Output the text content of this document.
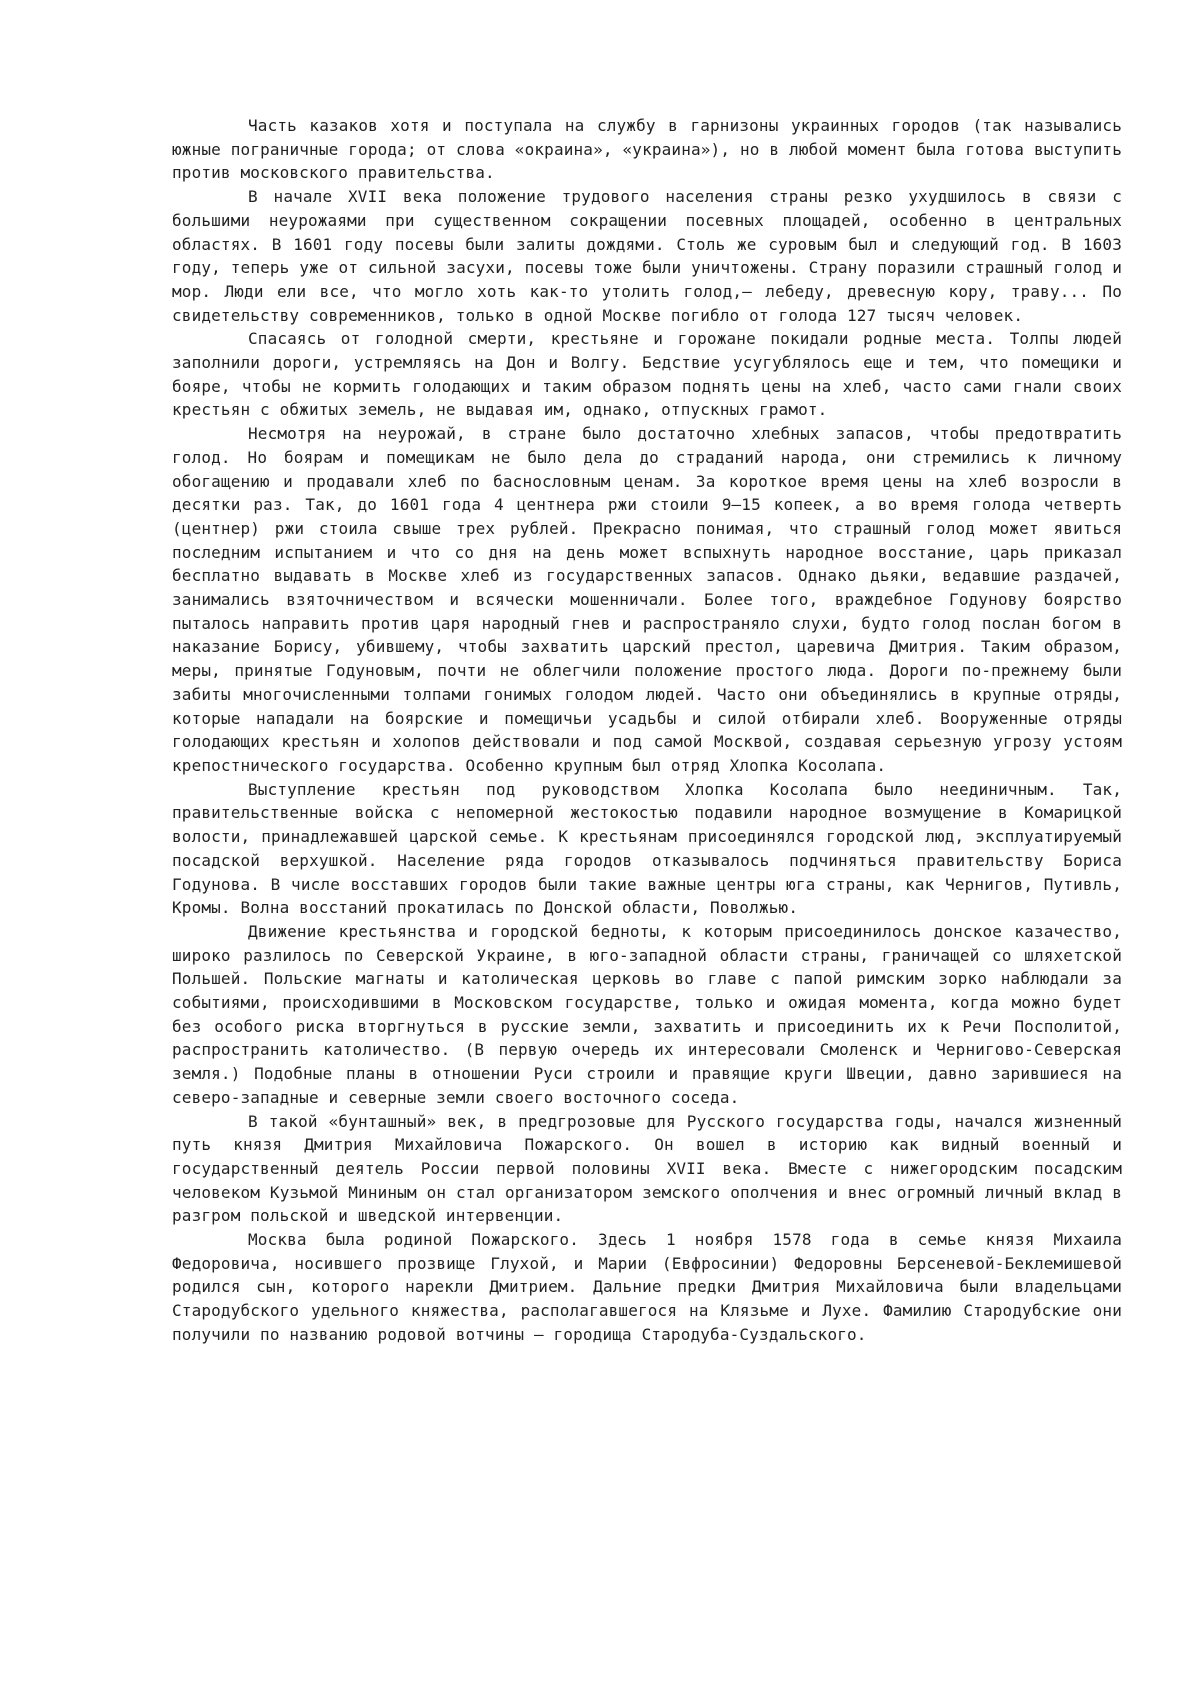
Часть казаков хотя и поступала на службу в гарнизоны украинных городов (так назывались южные пограничные города; от слова «окраина», «украина»), но в любой момент была готова выступить против московского правительства.

В начале XVII века положение трудового населения страны резко ухудшилось в связи с большими неурожаями при существенном сокращении посевных площадей, особенно в центральных областях. В 1601 году посевы были залиты дождями. Столь же суровым был и следующий год. В 1603 году, теперь уже от сильной засухи, посевы тоже были уничтожены. Страну поразили страшный голод и мор. Люди ели все, что могло хоть как-то утолить голод,— лебеду, древесную кору, траву... По свидетельству современников, только в одной Москве погибло от голода 127 тысяч человек.

Спасаясь от голодной смерти, крестьяне и горожане покидали родные места. Толпы людей заполнили дороги, устремляясь на Дон и Волгу. Бедствие усугублялось еще и тем, что помещики и бояре, чтобы не кормить голодающих и таким образом поднять цены на хлеб, часто сами гнали своих крестьян с обжитых земель, не выдавая им, однако, отпускных грамот.

Несмотря на неурожай, в стране было достаточно хлебных запасов, чтобы предотвратить голод. Но боярам и помещикам не было дела до страданий народа, они стремились к личному обогащению и продавали хлеб по баснословным ценам. За короткое время цены на хлеб возросли в десятки раз. Так, до 1601 года 4 центнера ржи стоили 9—15 копеек, а во время голода четверть (центнер) ржи стоила свыше трех рублей. Прекрасно понимая, что страшный голод может явиться последним испытанием и что со дня на день может вспыхнуть народное восстание, царь приказал бесплатно выдавать в Москве хлеб из государственных запасов. Однако дьяки, ведавшие раздачей, занимались взяточничеством и всячески мошенничали. Более того, враждебное Годунову боярство пыталось направить против царя народный гнев и распространяло слухи, будто голод послан богом в наказание Борису, убившему, чтобы захватить царский престол, царевича Дмитрия. Таким образом, меры, принятые Годуновым, почти не облегчили положение простого люда. Дороги по-прежнему были забиты многочисленными толпами гонимых голодом людей. Часто они объединялись в крупные отряды, которые нападали на боярские и помещичьи усадьбы и силой отбирали хлеб. Вооруженные отряды голодающих крестьян и холопов действовали и под самой Москвой, создавая серьезную угрозу устоям крепостнического государства. Особенно крупным был отряд Хлопка Косолапа.

Выступление крестьян под руководством Хлопка Косолапа было неединичным. Так, правительственные войска с непомерной жестокостью подавили народное возмущение в Комарицкой волости, принадлежавшей царской семье. К крестьянам присоединялся городской люд, эксплуатируемый посадской верхушкой. Население ряда городов отказывалось подчиняться правительству Бориса Годунова. В числе восставших городов были такие важные центры юга страны, как Чернигов, Путивль, Кромы. Волна восстаний прокатилась по Донской области, Поволжью.

Движение крестьянства и городской бедноты, к которым присоединилось донское казачество, широко разлилось по Северской Украине, в юго-западной области страны, граничащей со шляхетской Польшей. Польские магнаты и католическая церковь во главе с папой римским зорко наблюдали за событиями, происходившими в Московском государстве, только и ожидая момента, когда можно будет без особого риска вторгнуться в русские земли, захватить и присоединить их к Речи Посполитой, распространить католичество. (В первую очередь их интересовали Смоленск и Чернигово-Северская земля.) Подобные планы в отношении Руси строили и правящие круги Швеции, давно зарившиеся на северо-западные и северные земли своего восточного соседа.

В такой «бунташный» век, в предгрозовые для Русского государства годы, начался жизненный путь князя Дмитрия Михайловича Пожарского. Он вошел в историю как видный военный и государственный деятель России первой половины XVII века. Вместе с нижегородским посадским человеком Кузьмой Мининым он стал организатором земского ополчения и внес огромный личный вклад в разгром польской и шведской интервенции.

Москва была родиной Пожарского. Здесь 1 ноября 1578 года в семье князя Михаила Федоровича, носившего прозвище Глухой, и Марии (Евфросинии) Федоровны Берсеневой-Беклемишевой родился сын, которого нарекли Дмитрием. Дальние предки Дмитрия Михайловича были владельцами Стародубского удельного княжества, располагавшегося на Клязьме и Лухе. Фамилию Стародубские они получили по названию родовой вотчины — городища Стародуба-Суздальского.
